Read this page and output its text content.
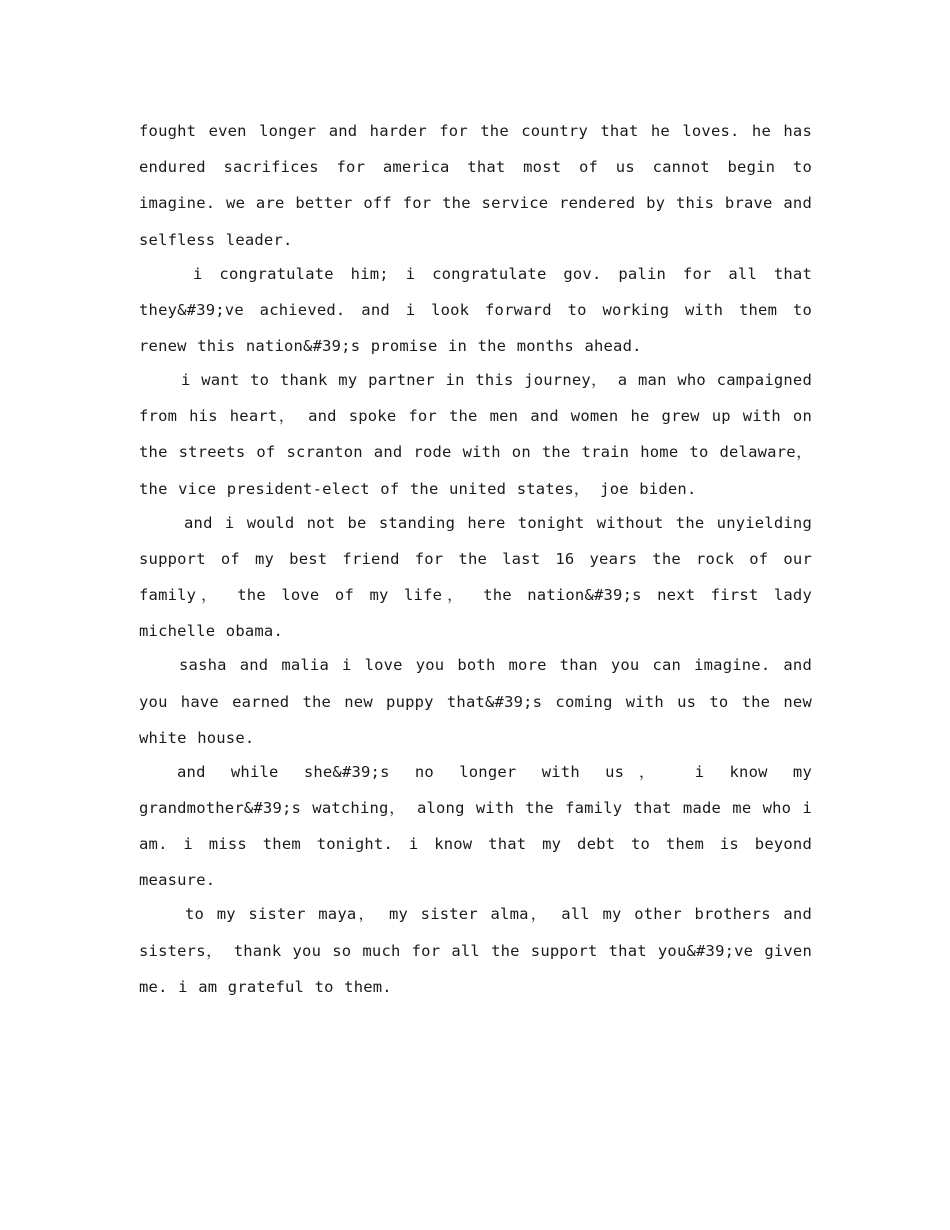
fought even longer and harder for the country that he loves. he has endured sacrifices for america that most of us cannot begin to imagine. we are better off for the service rendered by this brave and selfless leader.

i congratulate him; i congratulate gov. palin for all that they&#39;ve achieved. and i look forward to working with them to renew this nation&#39;s promise in the months ahead.

i want to thank my partner in this journey， a man who campaigned from his heart， and spoke for the men and women he grew up with on the streets of scranton and rode with on the train home to delaware， the vice president-elect of the united states， joe biden.

and i would not be standing here tonight without the unyielding support of my best friend for the last 16 years the rock of our family， the love of my life， the nation&#39;s next first lady michelle obama.

sasha and malia i love you both more than you can imagine. and you have earned the new puppy that&#39;s coming with us to the new white house.

and while she&#39;s no longer with us， i know my grandmother&#39;s watching， along with the family that made me who i am. i miss them tonight. i know that my debt to them is beyond measure.

to my sister maya， my sister alma， all my other brothers and sisters， thank you so much for all the support that you&#39;ve given me. i am grateful to them.
